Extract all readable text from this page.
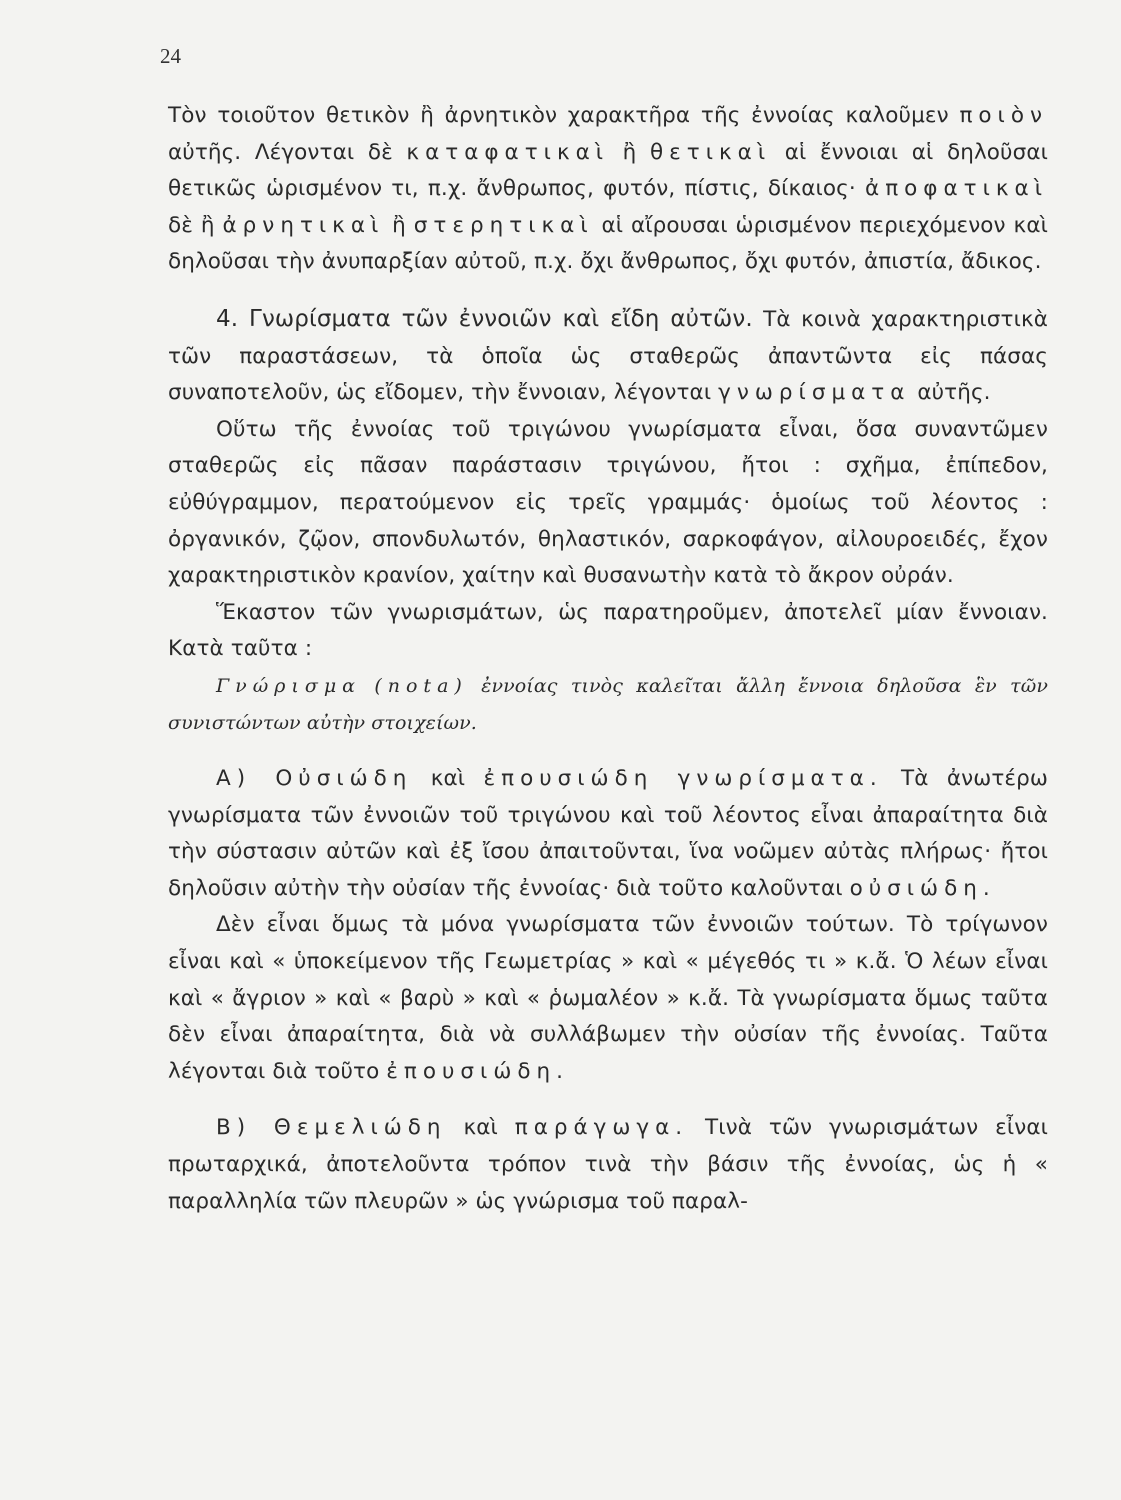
24

Τὸν τοιοῦτον θετικὸν ἢ ἀρνητικὸν χαρακτῆρα τῆς ἐννοίας καλοῦμεν ποιὸν αὐτῆς. Λέγονται δὲ καταφατικαὶ ἢ θετικαὶ αἱ ἔννοιαι αἱ δηλοῦσαι θετικῶς ὡρισμένον τι, π.χ. ἄνθρωπος, φυτόν, πίστις, δίκαιος· ἀποφατικαὶ δὲ ἢ ἀρνητικαὶ ἢ στερητικαὶ αἱ αἴρουσαι ὡρισμένον περιεχόμενον καὶ δηλοῦσαι τὴν ἀνυπαρξίαν αὐτοῦ, π.χ. ὄχι ἄνθρωπος, ὄχι φυτόν, ἀπιστία, ἄδικος.

4. Γνωρίσματα τῶν ἐννοιῶν καὶ εἴδη αὐτῶν. Τὰ κοινὰ χαρακτηριστικὰ τῶν παραστάσεων, τὰ ὁποῖα ὡς σταθερῶς ἀπαντῶντα εἰς πάσας συναποτελοῦν, ὡς εἴδομεν, τὴν ἔννοιαν, λέγονται γνωρίσματα αὐτῆς.

Οὕτω τῆς ἐννοίας τοῦ τριγώνου γνωρίσματα εἶναι, ὅσα συναντῶμεν σταθερῶς εἰς πᾶσαν παράστασιν τριγώνου, ἤτοι : σχῆμα, ἐπίπεδον, εὐθύγραμμον, περατούμενον εἰς τρεῖς γραμμάς· ὁμοίως τοῦ λέοντος : ὀργανικόν, ζῷον, σπονδυλωτόν, θηλαστικόν, σαρκοφάγον, αἰλουροειδές, ἔχον χαρακτηριστικὸν κρανίον, χαίτην καὶ θυσανωτὴν κατὰ τὸ ἄκρον οὐράν.

Ἕκαστον τῶν γνωρισμάτων, ὡς παρατηροῦμεν, ἀποτελεῖ μίαν ἔννοιαν. Κατὰ ταῦτα :

Γνώρισμα (nota) ἐννοίας τινὸς καλεῖται ἄλλη ἔννοια δηλοῦσα ἓν τῶν συνιστώντων αὐτὴν στοιχείων.

Α) Οὐσιώδη καὶ ἐπουσιώδη γνωρίσματα. Τὰ ἀνωτέρω γνωρίσματα τῶν ἐννοιῶν τοῦ τριγώνου καὶ τοῦ λέοντος εἶναι ἀπαραίτητα διὰ τὴν σύστασιν αὐτῶν καὶ ἐξ ἴσου ἀπαιτοῦνται, ἵνα νοῶμεν αὐτὰς πλήρως· ἤτοι δηλοῦσιν αὐτὴν τὴν οὐσίαν τῆς ἐννοίας· διὰ τοῦτο καλοῦνται οὐσιώδη.

Δὲν εἶναι ὅμως τὰ μόνα γνωρίσματα τῶν ἐννοιῶν τούτων. Τὸ τρίγωνον εἶναι καὶ « ὑποκείμενον τῆς Γεωμετρίας » καὶ « μέγεθός τι » κ.ἄ. Ὁ λέων εἶναι καὶ « ἄγριον » καὶ « βαρὺ » καὶ « ῥωμαλέον » κ.ἄ. Τὰ γνωρίσματα ὅμως ταῦτα δὲν εἶναι ἀπαραίτητα, διὰ νὰ συλλάβωμεν τὴν οὐσίαν τῆς ἐννοίας. Ταῦτα λέγονται διὰ τοῦτο ἐπουσιώδη.

Β) Θεμελιώδη καὶ παράγωγα. Τινὰ τῶν γνωρισμάτων εἶναι πρωταρχικά, ἀποτελοῦντα τρόπον τινὰ τὴν βάσιν τῆς ἐννοίας, ὡς ἡ « παραλληλία τῶν πλευρῶν » ὡς γνώρισμα τοῦ παραλ-
